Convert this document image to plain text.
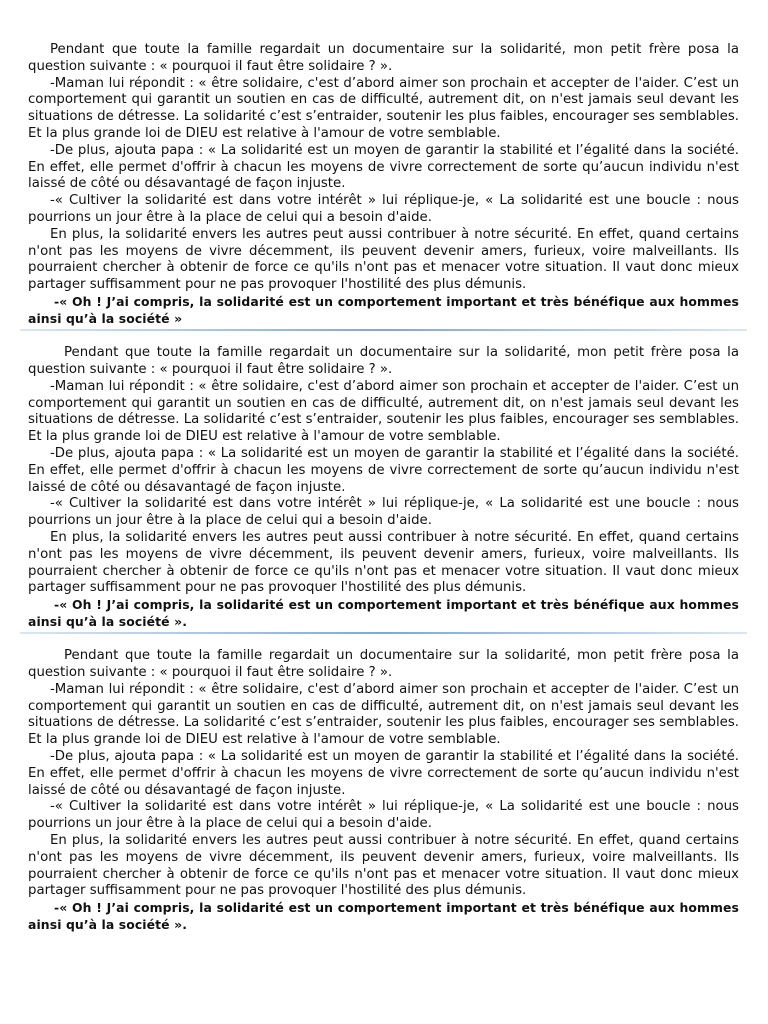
Pendant que toute la famille regardait un documentaire sur la solidarité, mon petit frère posa la question suivante : « pourquoi il faut être solidaire ? ».

-Maman lui répondit : « être solidaire, c'est d’abord aimer son prochain et accepter de l'aider. C’est un comportement qui garantit un soutien en cas de difficulté, autrement dit, on n'est jamais seul devant les situations de détresse. La solidarité c’est s’entraider, soutenir les plus faibles, encourager ses semblables. Et la plus grande loi de DIEU est relative à l'amour de votre semblable.

-De plus, ajouta papa : « La solidarité est un moyen de garantir la stabilité et l’égalité dans la société. En effet, elle permet d'offrir à chacun les moyens de vivre correctement de sorte qu’aucun individu n'est laissé de côté ou désavantagé de façon injuste.

-« Cultiver la solidarité est dans votre intérêt » lui réplique-je, « La solidarité est une boucle : nous pourrions un jour être à la place de celui qui a besoin d'aide.

En plus, la solidarité envers les autres peut aussi contribuer à notre sécurité. En effet, quand certains n'ont pas les moyens de vivre décemment, ils peuvent devenir amers, furieux, voire malveillants. Ils pourraient chercher à obtenir de force ce qu'ils n'ont pas et menacer votre situation. Il vaut donc mieux partager suffisamment pour ne pas provoquer l'hostilité des plus démunis.

-« Oh ! J’ai compris, la solidarité est un comportement important et très bénéfique aux hommes ainsi qu’à la société »

Pendant que toute la famille regardait un documentaire sur la solidarité, mon petit frère posa la question suivante : « pourquoi il faut être solidaire ? ».

-Maman lui répondit : « être solidaire, c'est d’abord aimer son prochain et accepter de l'aider. C’est un comportement qui garantit un soutien en cas de difficulté, autrement dit, on n'est jamais seul devant les situations de détresse. La solidarité c’est s’entraider, soutenir les plus faibles, encourager ses semblables. Et la plus grande loi de DIEU est relative à l'amour de votre semblable.

-De plus, ajouta papa : « La solidarité est un moyen de garantir la stabilité et l’égalité dans la société. En effet, elle permet d'offrir à chacun les moyens de vivre correctement de sorte qu’aucun individu n'est laissé de côté ou désavantagé de façon injuste.

-« Cultiver la solidarité est dans votre intérêt » lui réplique-je, « La solidarité est une boucle : nous pourrions un jour être à la place de celui qui a besoin d'aide.

En plus, la solidarité envers les autres peut aussi contribuer à notre sécurité. En effet, quand certains n'ont pas les moyens de vivre décemment, ils peuvent devenir amers, furieux, voire malveillants. Ils pourraient chercher à obtenir de force ce qu'ils n'ont pas et menacer votre situation. Il vaut donc mieux partager suffisamment pour ne pas provoquer l'hostilité des plus démunis.

-« Oh ! J’ai compris, la solidarité est un comportement important et très bénéfique aux hommes ainsi qu’à la société ».

Pendant que toute la famille regardait un documentaire sur la solidarité, mon petit frère posa la question suivante : « pourquoi il faut être solidaire ? ».

-Maman lui répondit : « être solidaire, c'est d’abord aimer son prochain et accepter de l'aider. C’est un comportement qui garantit un soutien en cas de difficulté, autrement dit, on n'est jamais seul devant les situations de détresse. La solidarité c’est s’entraider, soutenir les plus faibles, encourager ses semblables. Et la plus grande loi de DIEU est relative à l'amour de votre semblable.

-De plus, ajouta papa : « La solidarité est un moyen de garantir la stabilité et l’égalité dans la société. En effet, elle permet d'offrir à chacun les moyens de vivre correctement de sorte qu’aucun individu n'est laissé de côté ou désavantagé de façon injuste.

-« Cultiver la solidarité est dans votre intérêt » lui réplique-je, « La solidarité est une boucle : nous pourrions un jour être à la place de celui qui a besoin d'aide.

En plus, la solidarité envers les autres peut aussi contribuer à notre sécurité. En effet, quand certains n'ont pas les moyens de vivre décemment, ils peuvent devenir amers, furieux, voire malveillants. Ils pourraient chercher à obtenir de force ce qu'ils n'ont pas et menacer votre situation. Il vaut donc mieux partager suffisamment pour ne pas provoquer l'hostilité des plus démunis.

-« Oh ! J’ai compris, la solidarité est un comportement important et très bénéfique aux hommes ainsi qu’à la société ».
